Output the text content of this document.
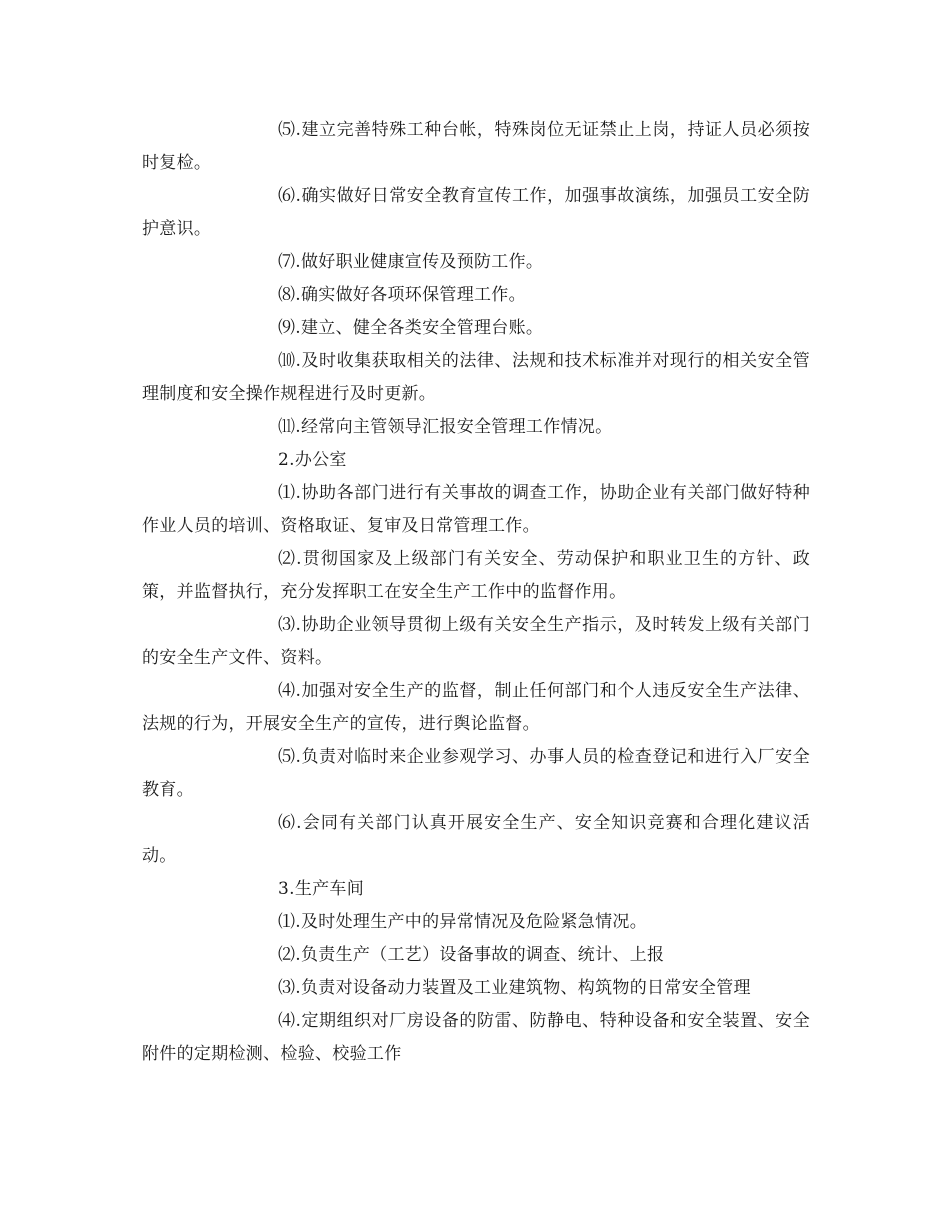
⑸.建立完善特殊工种台帐，特殊岗位无证禁止上岗，持证人员必须按时复检。

⑹.确实做好日常安全教育宣传工作，加强事故演练，加强员工安全防护意识。

⑺.做好职业健康宣传及预防工作。

⑻.确实做好各项环保管理工作。

⑼.建立、健全各类安全管理台账。

⑽.及时收集获取相关的法律、法规和技术标准并对现行的相关安全管理制度和安全操作规程进行及时更新。

⑾.经常向主管领导汇报安全管理工作情况。

2.办公室

⑴.协助各部门进行有关事故的调查工作，协助企业有关部门做好特种作业人员的培训、资格取证、复审及日常管理工作。

⑵.贯彻国家及上级部门有关安全、劳动保护和职业卫生的方针、政策，并监督执行，充分发挥职工在安全生产工作中的监督作用。

⑶.协助企业领导贯彻上级有关安全生产指示，及时转发上级有关部门的安全生产文件、资料。

⑷.加强对安全生产的监督，制止任何部门和个人违反安全生产法律、法规的行为，开展安全生产的宣传，进行舆论监督。

⑸.负责对临时来企业参观学习、办事人员的检查登记和进行入厂安全教育。

⑹.会同有关部门认真开展安全生产、安全知识竞赛和合理化建议活动。

3.生产车间

⑴.及时处理生产中的异常情况及危险紧急情况。

⑵.负责生产（工艺）设备事故的调查、统计、上报

⑶.负责对设备动力装置及工业建筑物、构筑物的日常安全管理

⑷.定期组织对厂房设备的防雷、防静电、特种设备和安全装置、安全附件的定期检测、检验、校验工作
